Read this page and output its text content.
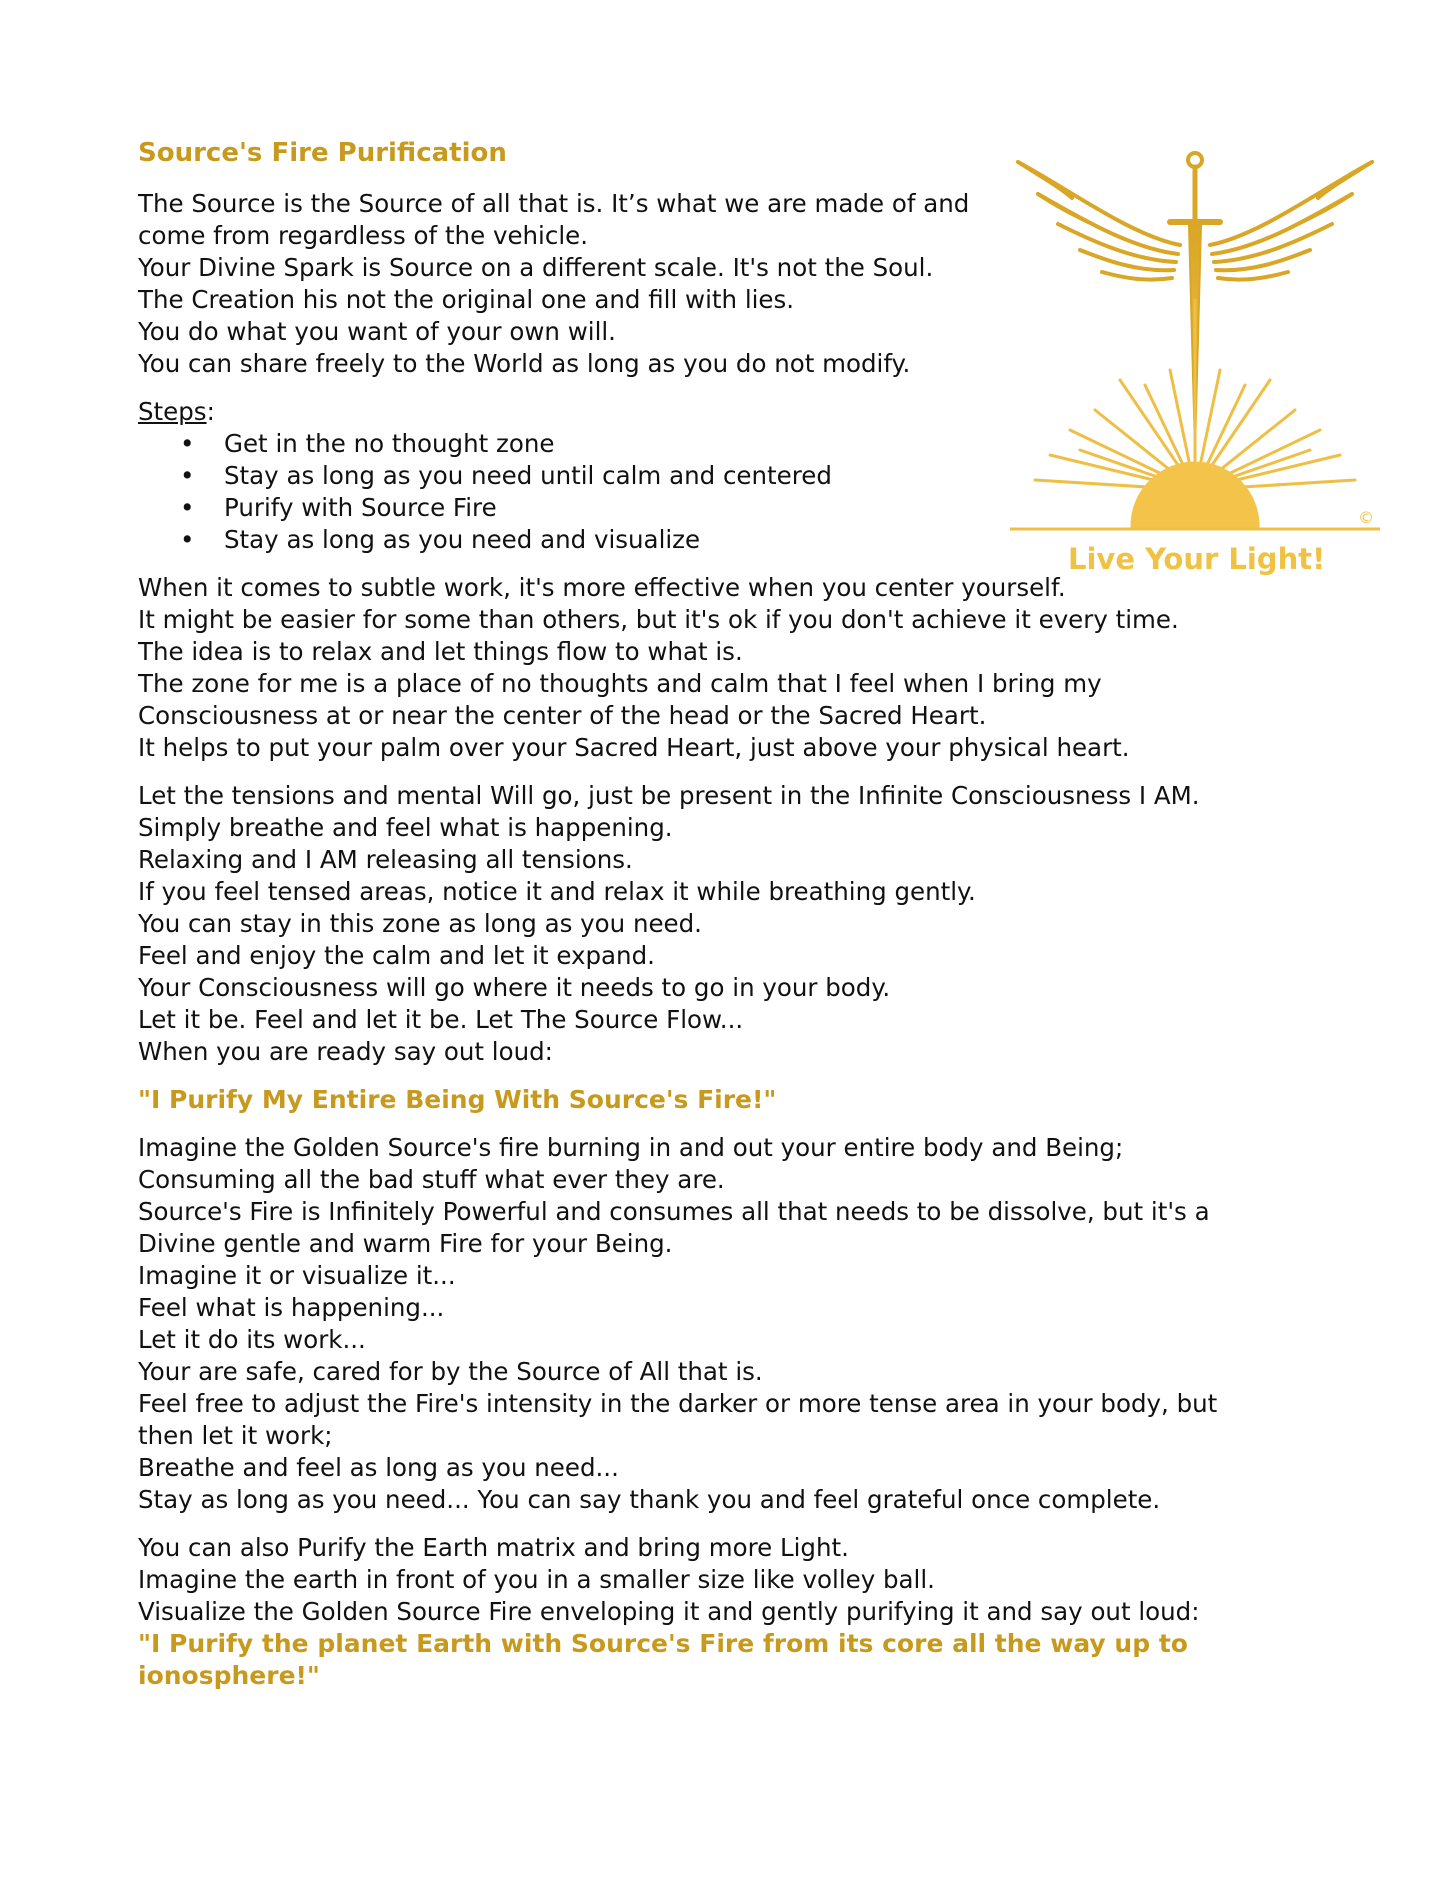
Source's Fire Purification
The Source is the Source of all that is. It’s what we are made of and come from regardless of the vehicle.
Your Divine Spark is Source on a different scale. It's not the Soul.
The Creation his not the original one and fill with lies.
You do what you want of your own will.
You can share freely to the World as long as you do not modify.
Steps:
• Get in the no thought zone
• Stay as long as you need until calm and centered
• Purify with Source Fire
• Stay as long as you need and visualize
When it comes to subtle work, it's more effective when you center yourself.
It might be easier for some than others, but it's ok if you don't achieve it every time.
The idea is to relax and let things flow to what is.
The zone for me is a place of no thoughts and calm that I feel when I bring my
Consciousness at or near the center of the head or the Sacred Heart.
It helps to put your palm over your Sacred Heart, just above your physical heart.
Let the tensions and mental Will go, just be present in the Infinite Consciousness I AM.
Simply breathe and feel what is happening.
Relaxing and I AM releasing all tensions.
If you feel tensed areas, notice it and relax it while breathing gently.
You can stay in this zone as long as you need.
Feel and enjoy the calm and let it expand.
Your Consciousness will go where it needs to go in your body.
Let it be. Feel and let it be. Let The Source Flow...
When you are ready say out loud:
"I Purify My Entire Being With Source's Fire!"
Imagine the Golden Source's fire burning in and out your entire body and Being;
Consuming all the bad stuff what ever they are.
Source's Fire is Infinitely Powerful and consumes all that needs to be dissolve, but it's a
Divine gentle and warm Fire for your Being.
Imagine it or visualize it...
Feel what is happening...
Let it do its work...
Your are safe, cared for by the Source of All that is.
Feel free to adjust the Fire's intensity in the darker or more tense area in your body, but
then let it work;
Breathe and feel as long as you need...
Stay as long as you need... You can say thank you and feel grateful once complete.
You can also Purify the Earth matrix and bring more Light.
Imagine the earth in front of you in a smaller size like volley ball.
Visualize the Golden Source Fire enveloping it and gently purifying it and say out loud:
"I Purify the planet Earth with Source's Fire from its core all the way up to ionosphere!"
Live Your Light!
©
